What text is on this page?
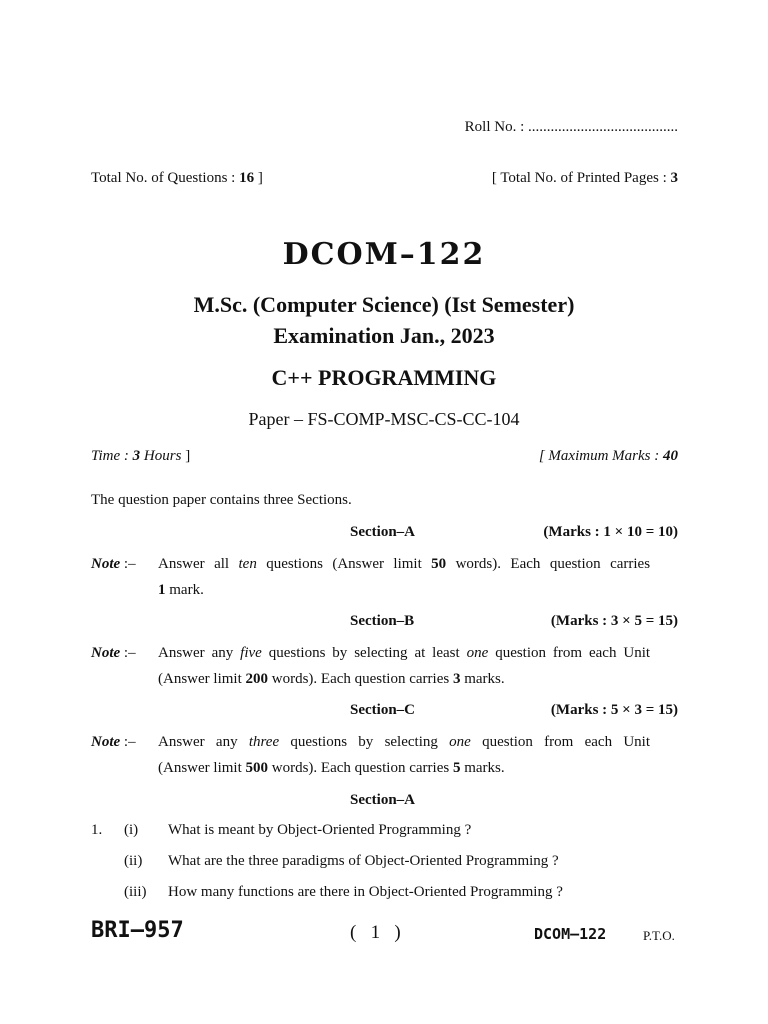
Roll No. : ........................................
Total No. of Questions : 16 ]	[ Total No. of Printed Pages : 3
DCOM–122
M.Sc. (Computer Science) (Ist Semester)
Examination Jan., 2023
C++ PROGRAMMING
Paper – FS-COMP-MSC-CS-CC-104
Time : 3 Hours ]	[ Maximum Marks : 40
The question paper contains three Sections.
Section–A	(Marks : 1 × 10 = 10)
Note :– Answer all ten questions (Answer limit 50 words). Each question carries
1 mark.
Section–B	(Marks : 3 × 5 = 15)
Note :– Answer any five questions by selecting at least one question from each Unit
(Answer limit 200 words). Each question carries 3 marks.
Section–C	(Marks : 5 × 3 = 15)
Note :– Answer any three questions by selecting one question from each Unit
(Answer limit 500 words). Each question carries 5 marks.
Section–A
1. (i) What is meant by Object-Oriented Programming ?
(ii) What are the three paradigms of Object-Oriented Programming ?
(iii) How many functions are there in Object-Oriented Programming ?
BRI–957	( 1 )	DCOM–122	P.T.O.
